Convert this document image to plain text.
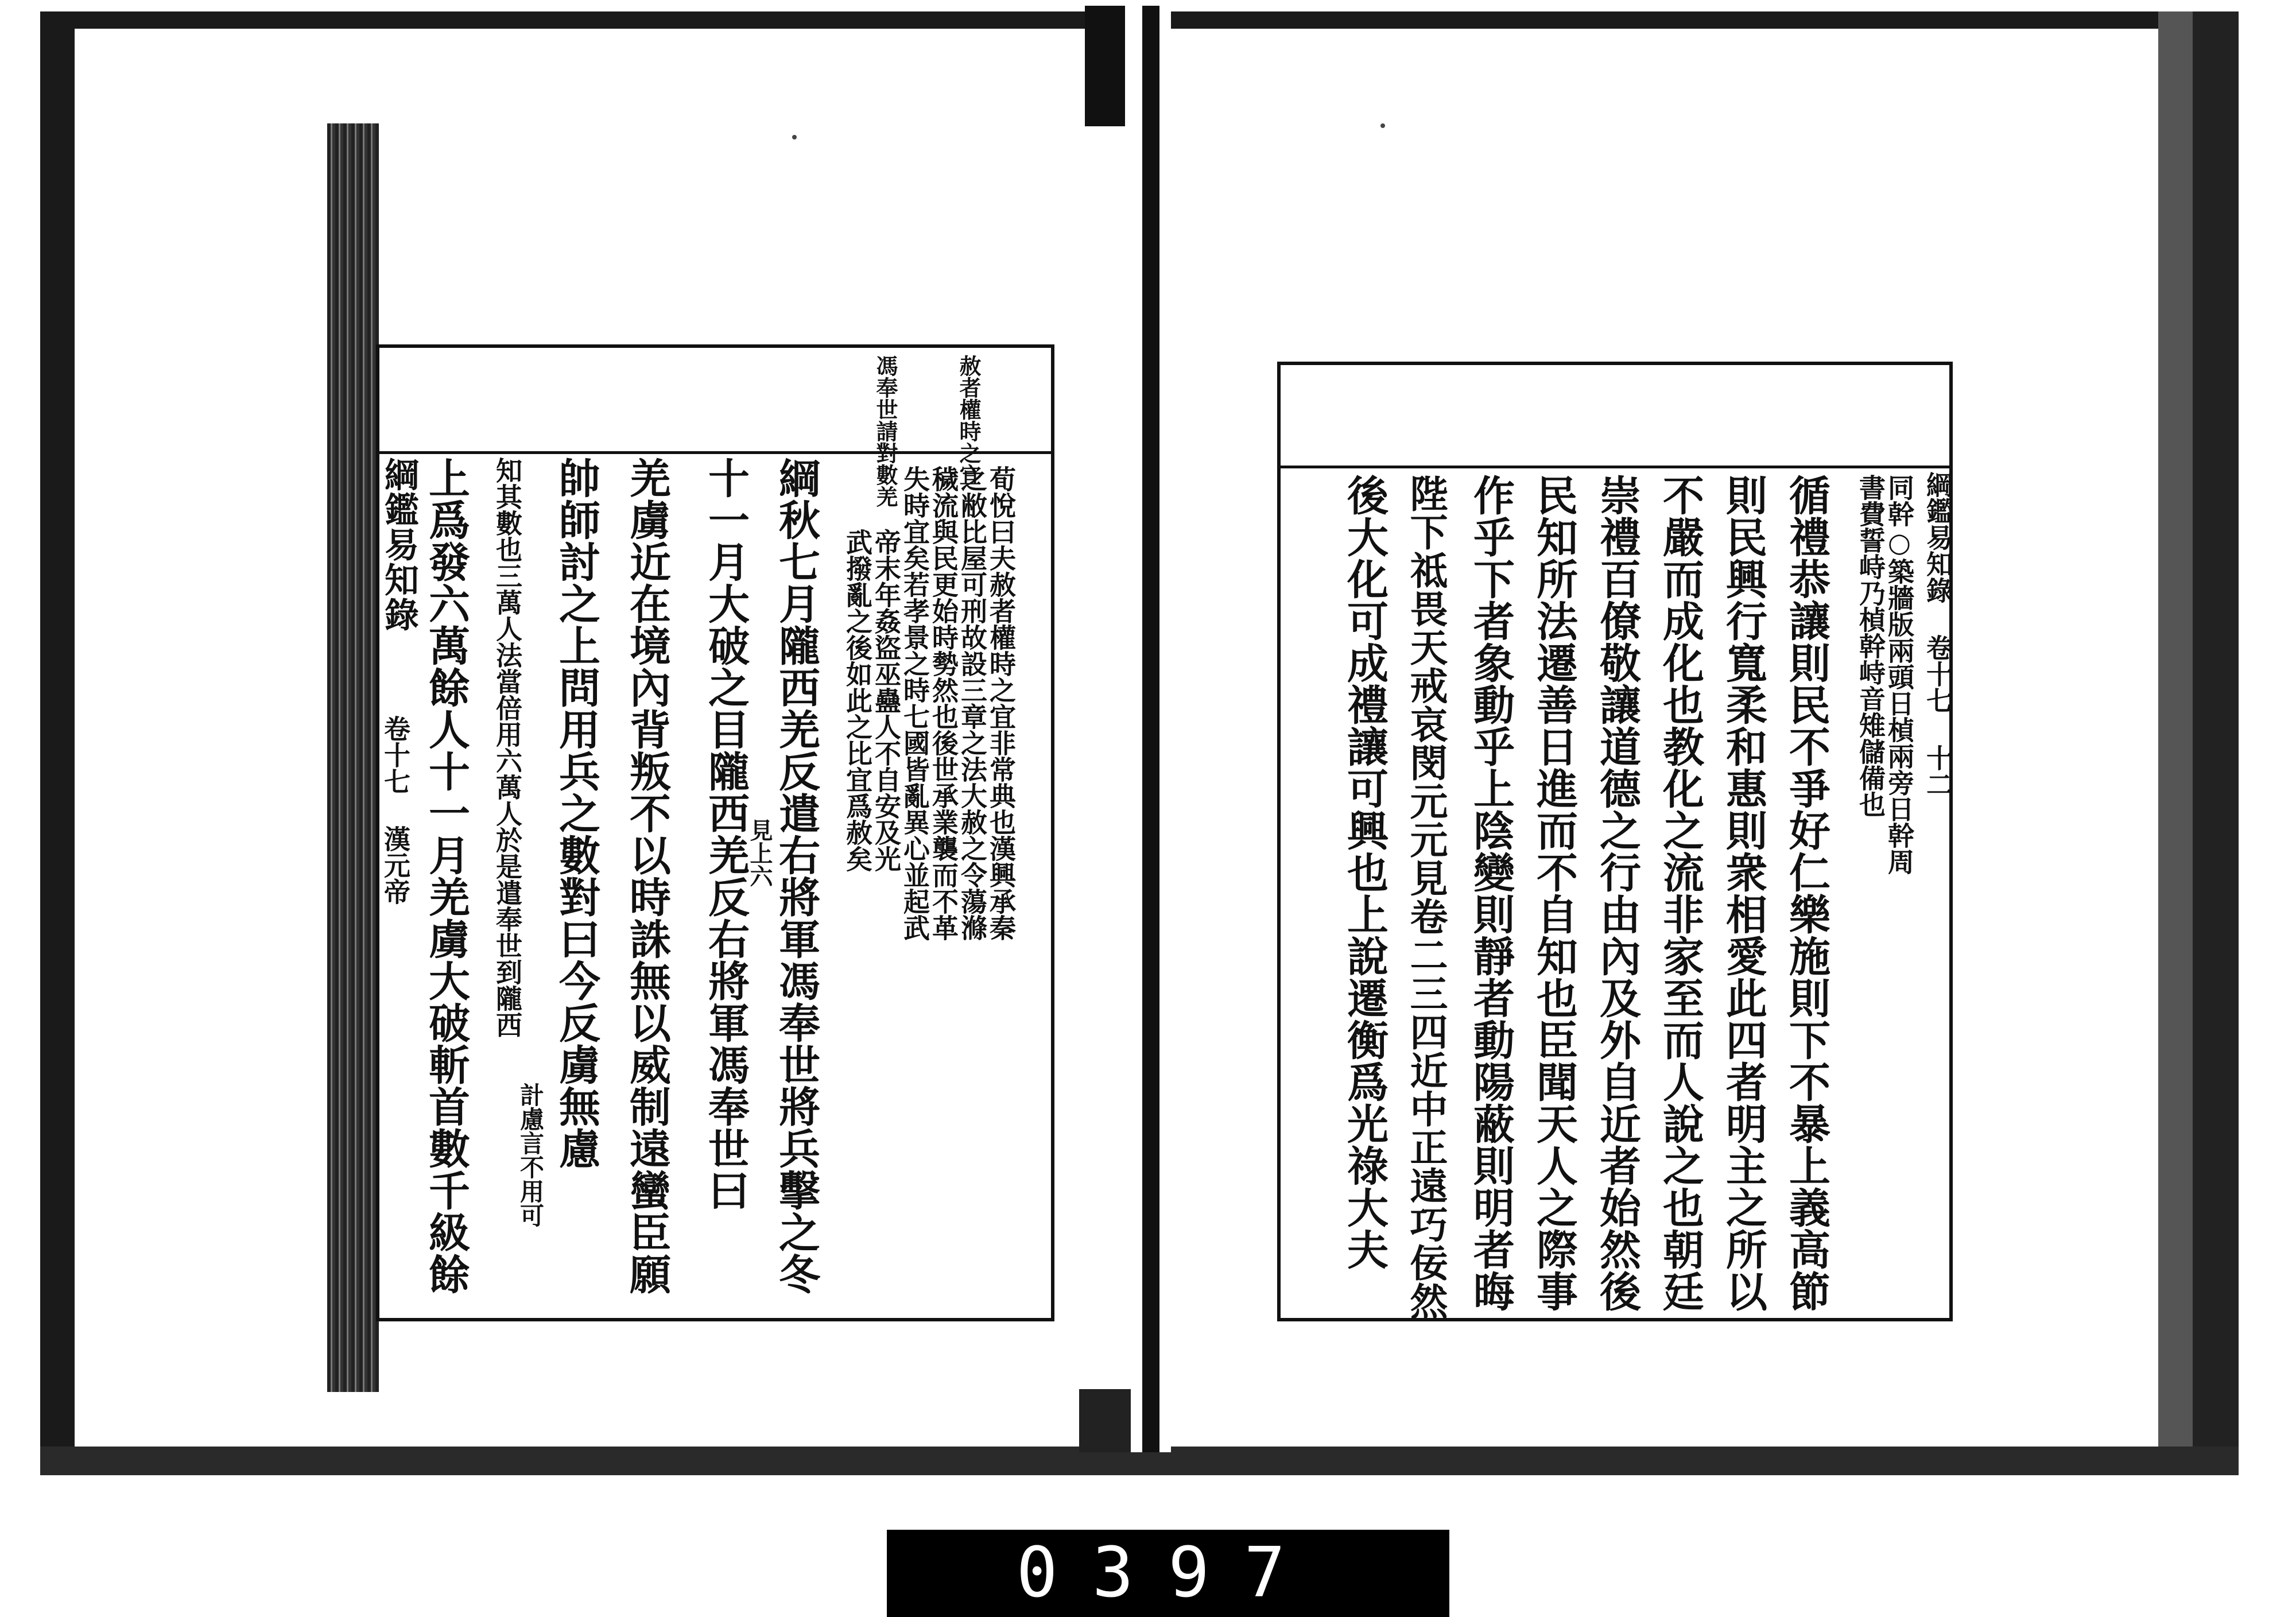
赦者權時之宜
馮奉世請對數羌
綱鑑易知錄
卷十七 漢元帝	荀悅曰夫赦者權時之宜非常典也漢興承秦
之敝比屋可刑故設三章之法大赦之令蕩滌
穢流與民更始時勢然也後世承業襲而不革
失時宜矣若孝景之時七國皆亂異心並起武
帝末年姦盜巫蠱人不自安及光
武撥亂之後如此之比宜爲赦矣
綱秋七月隴西羌反遣右將軍馮奉世將兵擊之冬
十一月大破之目隴西羌反右將軍馮奉世曰
羌虜近在境內背叛不以時誅無以威制遠蠻臣願
帥師討之上問用兵之數對曰今反虜無慮
知其數也三萬人法當倍用六萬人於是遣奉世到隴西
計慮言不用可
上爲發六萬餘人十一月羌虜大破斬首數千級餘	見上六
綱鑑易知錄 卷十七 十二
同幹○築牆版兩頭日楨兩旁日幹周
書費誓峙乃楨幹峙音雉儲備也
循禮恭讓則民不爭好仁樂施則下不暴上義高節
則民興行寬柔和惠則衆相愛此四者明主之所以
不嚴而成化也教化之流非家至而人說之也朝廷
崇禮百僚敬讓道德之行由內及外自近者始然後
民知所法遷善日進而不自知也臣聞天人之際事
作乎下者象動乎上陰變則靜者動陽蔽則明者晦
陛下祗畏天戒哀閔元元見卷二三四近中正遠巧佞然
後大化可成禮讓可興也上說遷衡爲光祿大夫
0397
